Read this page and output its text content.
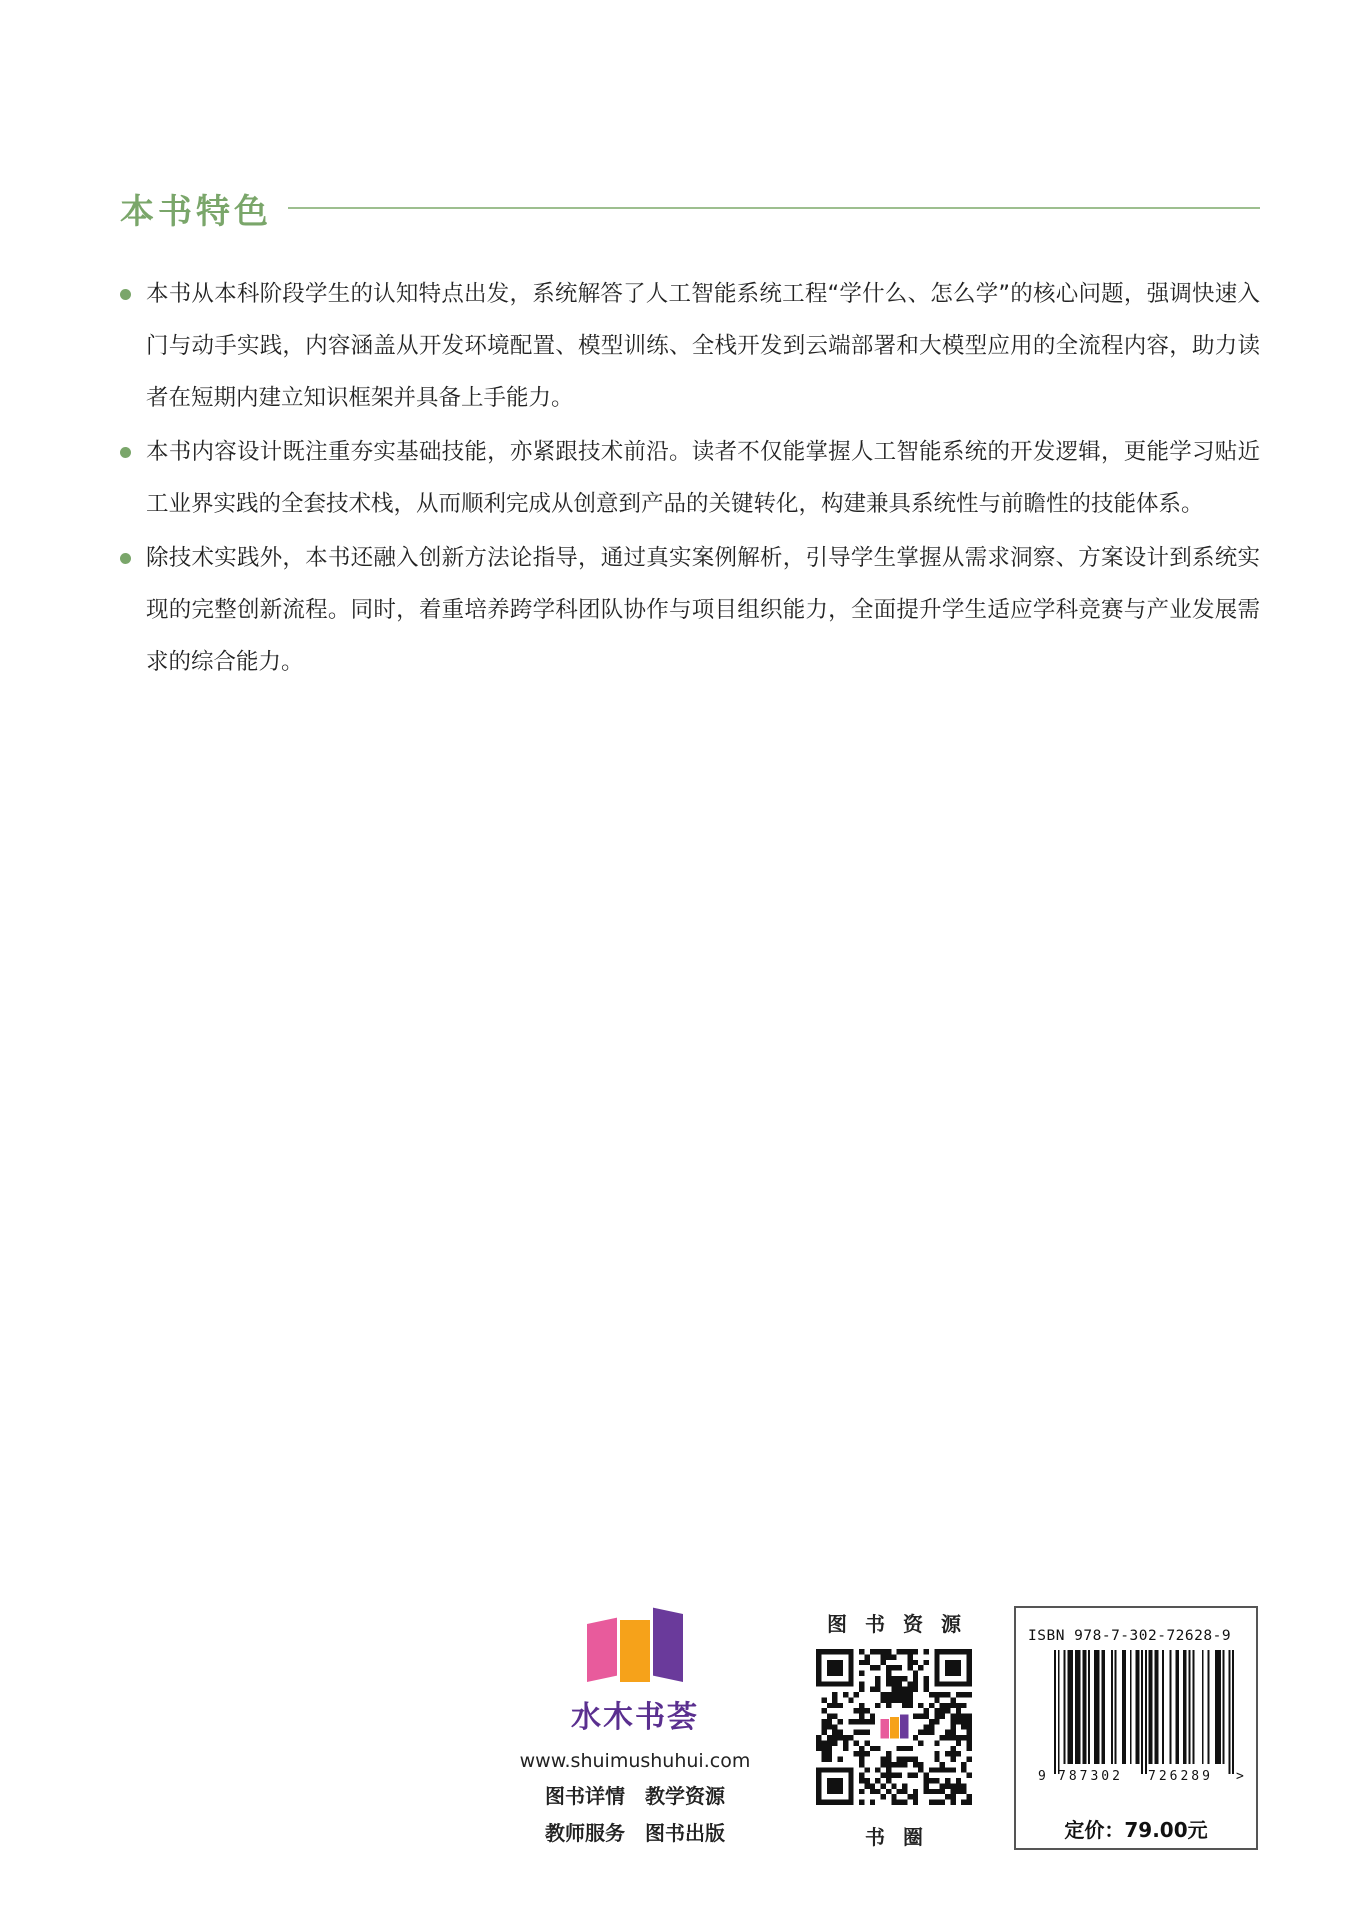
本书特色
本书从本科阶段学生的认知特点出发，系统解答了人工智能系统工程“学什么、怎么学”的核心问题，强调快速入门与动手实践，内容涵盖从开发环境配置、模型训练、全栈开发到云端部署和大模型应用的全流程内容，助力读者在短期内建立知识框架并具备上手能力。
本书内容设计既注重夯实基础技能，亦紧跟技术前沿。读者不仅能掌握人工智能系统的开发逻辑，更能学习贴近工业界实践的全套技术栈，从而顺利完成从创意到产品的关键转化，构建兼具系统性与前瞻性的技能体系。
除技术实践外，本书还融入创新方法论指导，通过真实案例解析，引导学生掌握从需求洞察、方案设计到系统实现的完整创新流程。同时，着重培养跨学科团队协作与项目组织能力，全面提升学生适应学科竞赛与产业发展需求的综合能力。
水木书荟
www.shuimushuhui.com
图书详情 教学资源
教师服务 图书出版
图书资源
书圈
ISBN 978-7-302-72628-9
9 787302 726289 >
定价：79.00元
